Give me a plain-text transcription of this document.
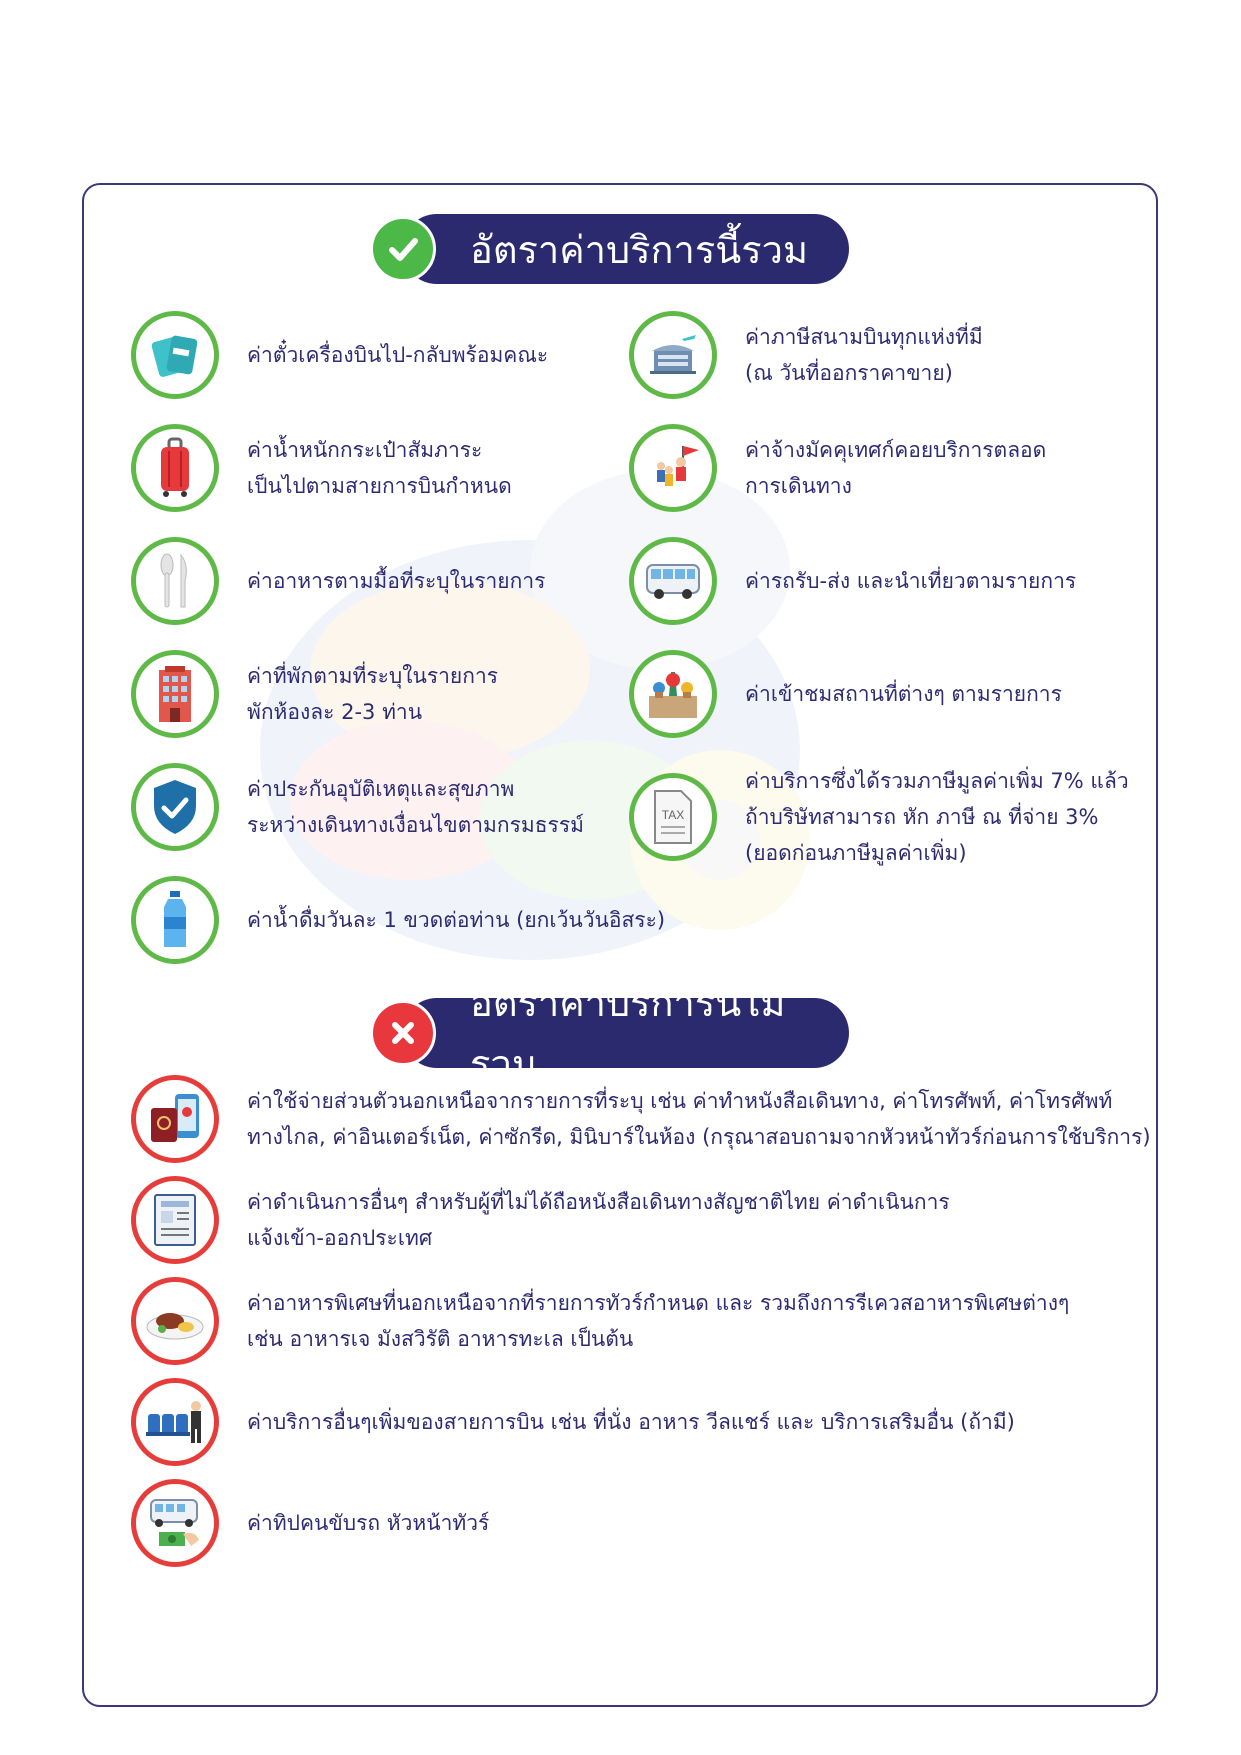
อัตราค่าบริการนี้รวม
ค่าตั๋วเครื่องบินไป-กลับพร้อมคณะ
ค่าภาษีสนามบินทุกแห่งที่มี
(ณ วันที่ออกราคาขาย)
ค่าน้ำหนักกระเป๋าสัมภาระ
เป็นไปตามสายการบินกำหนด
ค่าจ้างมัคคุเทศก์คอยบริการตลอด
การเดินทาง
ค่าอาหารตามมื้อที่ระบุในรายการ	ค่ารถรับ-ส่ง และนำเที่ยวตามรายการ
ค่าที่พักตามที่ระบุในรายการ
พักห้องละ 2-3 ท่าน
ค่าเข้าชมสถานที่ต่างๆ ตามรายการ
ค่าประกันอุบัติเหตุและสุขภาพ
ระหว่างเดินทางเงื่อนไขตามกรมธรรม์	TAX
ค่าบริการซึ่งได้รวมภาษีมูลค่าเพิ่ม 7% แล้ว
ถ้าบริษัทสามารถ หัก ภาษี ณ ที่จ่าย 3%
(ยอดก่อนภาษีมูลค่าเพิ่ม)
ค่าน้ำดื่มวันละ 1 ขวดต่อท่าน (ยกเว้นวันอิสระ)
อัตราค่าบริการนี้ไม่รวม
ค่าใช้จ่ายส่วนตัวนอกเหนือจากรายการที่ระบุ เช่น ค่าทำหนังสือเดินทาง, ค่าโทรศัพท์, ค่าโทรศัพท์
ทางไกล, ค่าอินเตอร์เน็ต, ค่าซักรีด, มินิบาร์ในห้อง (กรุณาสอบถามจากหัวหน้าทัวร์ก่อนการใช้บริการ)
ค่าดำเนินการอื่นๆ สำหรับผู้ที่ไม่ได้ถือหนังสือเดินทางสัญชาติไทย ค่าดำเนินการ
แจ้งเข้า-ออกประเทศ
ค่าอาหารพิเศษที่นอกเหนือจากที่รายการทัวร์กำหนด และ รวมถึงการรีเควสอาหารพิเศษต่างๆ
เช่น อาหารเจ มังสวิรัติ อาหารทะเล เป็นต้น
ค่าบริการอื่นๆเพิ่มของสายการบิน เช่น ที่นั่ง อาหาร วีลแชร์ และ บริการเสริมอื่น (ถ้ามี)
ค่าทิปคนขับรถ หัวหน้าทัวร์
